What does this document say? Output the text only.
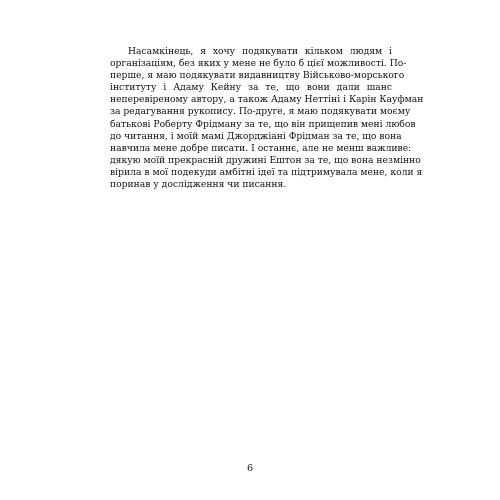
Насамкінець, я хочу подякувати кільком людям і
організаціям, без яких у мене не було б цієї можливості. По-
перше, я маю подякувати видавництву Військово-морського
інституту і Адаму Кейну за те, що вони дали шанс
неперевіреному автору, а також Адаму Неттіні і Карін Кауфман
за редагування рукопису. По-друге, я маю подякувати моєму
батькові Роберту Фрідману за те, що він прищепив мені любов
до читання, і моїй мамі Джорджіані Фрідман за те, що вона
навчила мене добре писати. І останнє, але не менш важливе:
дякую моїй прекрасній дружині Ештон за те, що вона незмінно
вірила в мої подекуди амбітні ідеї та підтримувала мене, коли я
поринав у дослідження чи писання.
6
